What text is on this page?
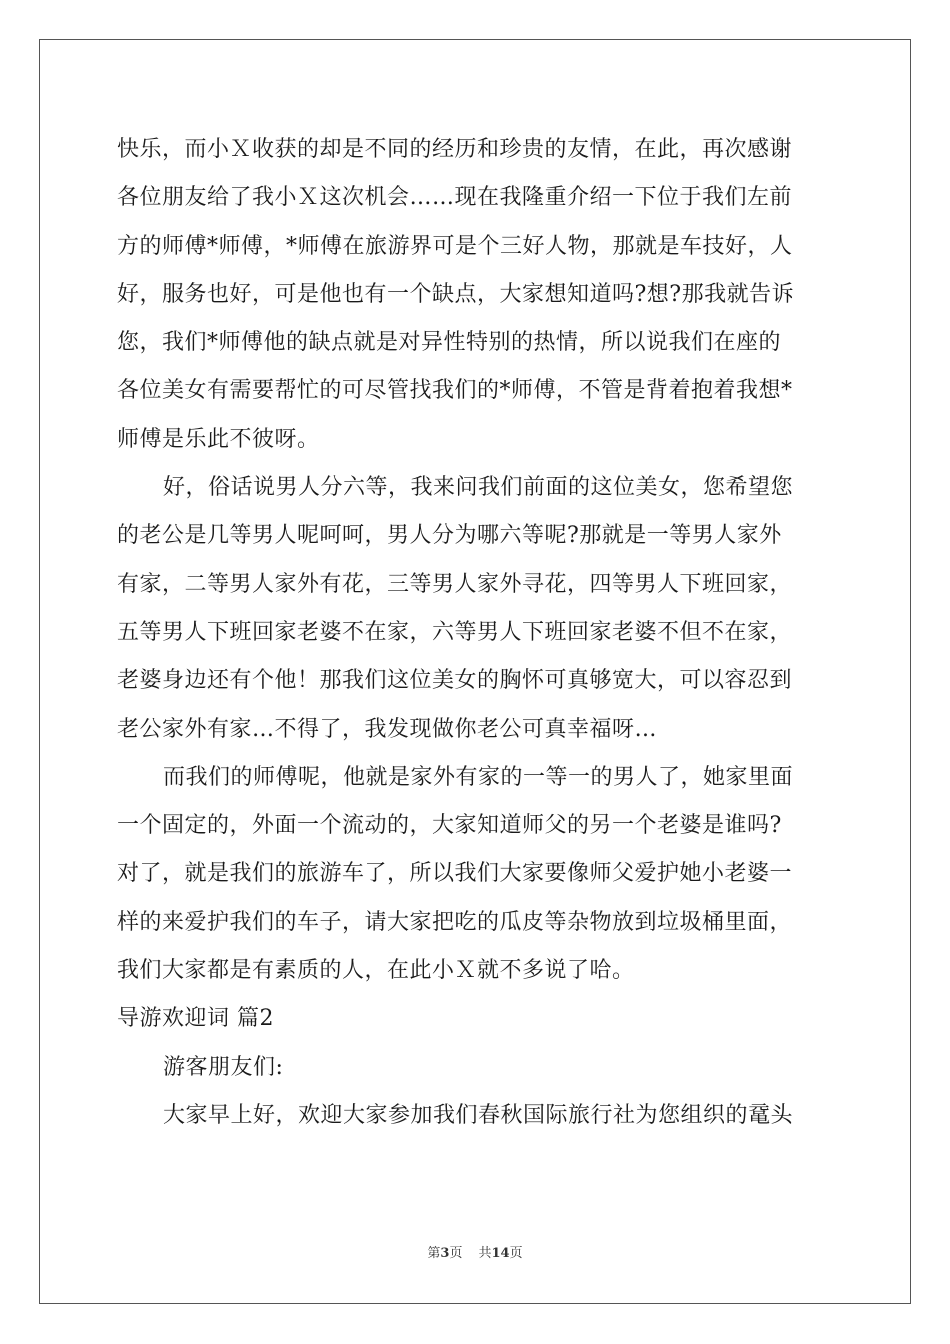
快乐，而小Ｘ收获的却是不同的经历和珍贵的友情，在此，再次感谢
各位朋友给了我小Ｘ这次机会……现在我隆重介绍一下位于我们左前
方的师傅*师傅，*师傅在旅游界可是个三好人物，那就是车技好，人
好，服务也好，可是他也有一个缺点，大家想知道吗?想?那我就告诉
您，我们*师傅他的缺点就是对异性特别的热情，所以说我们在座的
各位美女有需要帮忙的可尽管找我们的*师傅，不管是背着抱着我想*
师傅是乐此不彼呀。
好，俗话说男人分六等，我来问我们前面的这位美女，您希望您
的老公是几等男人呢呵呵，男人分为哪六等呢?那就是一等男人家外
有家，二等男人家外有花，三等男人家外寻花，四等男人下班回家，
五等男人下班回家老婆不在家，六等男人下班回家老婆不但不在家，
老婆身边还有个他！那我们这位美女的胸怀可真够宽大，可以容忍到
老公家外有家…不得了，我发现做你老公可真幸福呀…
而我们的师傅呢，他就是家外有家的一等一的男人了，她家里面
一个固定的，外面一个流动的，大家知道师父的另一个老婆是谁吗?
对了，就是我们的旅游车了，所以我们大家要像师父爱护她小老婆一
样的来爱护我们的车子，请大家把吃的瓜皮等杂物放到垃圾桶里面，
我们大家都是有素质的人，在此小Ｘ就不多说了哈。
导游欢迎词 篇2
游客朋友们:
大家早上好，欢迎大家参加我们春秋国际旅行社为您组织的鼋头
第3页 共14页
